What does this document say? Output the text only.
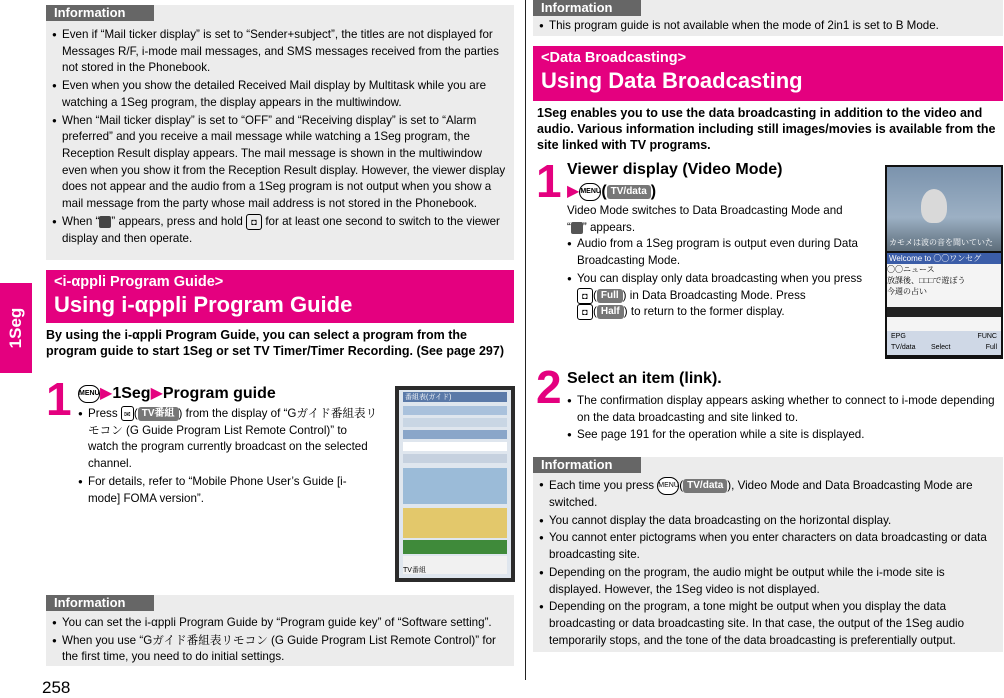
1Seg
258
Information
● Even if “Mail ticker display” is set to “Sender+subject”, the titles are not displayed for Messages R/F, i-mode mail messages, and SMS messages received from the parties not stored in the Phonebook.
● Even when you show the detailed Received Mail display by Multitask while you are watching a 1Seg program, the display appears in the multiwindow.
● When “Mail ticker display” is set to “OFF” and “Receiving display” is set to “Alarm preferred” and you receive a mail message while watching a 1Seg program, the Reception Result display appears. The mail message is shown in the multiwindow even when you show it from the Reception Result display. However, the viewer display does not appear and the audio from a 1Seg program is not output when you show a mail message from the party whose mail address is not stored in the Phonebook.
● When “ ” appears, press and hold ◘ for at least one second to switch to the viewer display and then operate.
<i-αppli Program Guide>
Using i-αppli Program Guide
By using the i-αppli Program Guide, you can select a program from the program guide to start 1Seg or set TV Timer/Timer Recording. (See page 297)
1 MENU▶1Seg▶Program guide
● Press ✉ ( TV番組 ) from the display of “Gガイド番組表リモコン (G Guide Program List Remote Control)” to watch the program currently broadcast on the selected channel.
● For details, refer to “Mobile Phone User’s Guide [i-mode] FOMA version”.
番組表(ガイド)
TV番組
Information
● You can set the i-αppli Program Guide by “Program guide key” of “Software setting”.
● When you use “Gガイド番組表リモコン (G Guide Program List Remote Control)” for the first time, you need to do initial settings.
Information
● This program guide is not available when the mode of 2in1 is set to B Mode.
<Data Broadcasting>
Using Data Broadcasting
1Seg enables you to use the data broadcasting in addition to the video and audio. Various information including still images/movies is available from the site linked with TV programs.
1 Viewer display (Video Mode)
▶MENU( TV/data )
Video Mode switches to Data Broadcasting Mode and
“ ” appears.
● Audio from a 1Seg program is output even during Data Broadcasting Mode.
● You can display only data broadcasting when you press
◘ ( Full ) in Data Broadcasting Mode. Press
◘ ( Half ) to return to the former display.
カモメは波の音を聞いていた
Welcome to 〇〇ワンセグ
〇〇ニュース
放課後、□□□で遊ぼう
今週の占い
EPG	FUNC
TV/data Select	Full
2 Select an item (link).
● The confirmation display appears asking whether to connect to i-mode depending on the data broadcasting and site linked to.
● See page 191 for the operation while a site is displayed.
Information
● Each time you press MENU( TV/data ), Video Mode and Data Broadcasting Mode are switched.
● You cannot display the data broadcasting on the horizontal display.
● You cannot enter pictograms when you enter characters on data broadcasting or data broadcasting site.
● Depending on the program, the audio might be output while the i-mode site is displayed. However, the 1Seg video is not displayed.
● Depending on the program, a tone might be output when you display the data broadcasting or data broadcasting site. In that case, the output of the 1Seg audio temporarily stops, and the tone of the data broadcasting is preferentially output.
